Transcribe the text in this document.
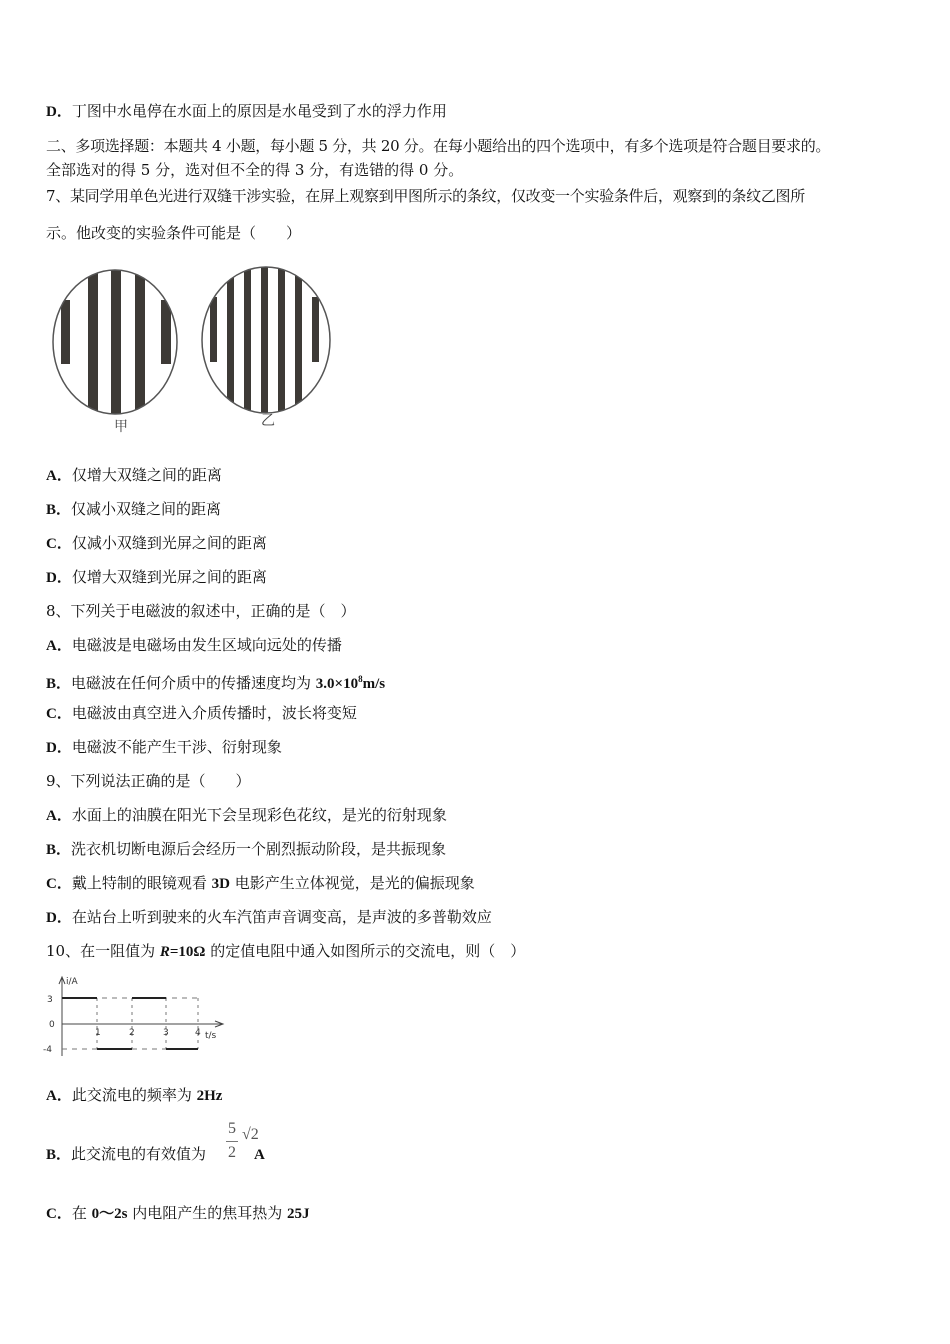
D．丁图中水黾停在水面上的原因是水黾受到了水的浮力作用
二、多项选择题：本题共 4 小题，每小题 5 分，共 20 分。在每小题给出的四个选项中，有多个选项是符合题目要求的。
全部选对的得 5 分，选对但不全的得 3 分，有选错的得 0 分。
7、某同学用单色光进行双缝干涉实验，在屏上观察到甲图所示的条纹，仅改变一个实验条件后，观察到的条纹乙图所
示。他改变的实验条件可能是（　　）
甲	乙
A．仅增大双缝之间的距离
B．仅减小双缝之间的距离
C．仅减小双缝到光屏之间的距离
D．仅增大双缝到光屏之间的距离
8、下列关于电磁波的叙述中，正确的是（　）
A．电磁波是电磁场由发生区域向远处的传播
B．电磁波在任何介质中的传播速度均为 $3.0\times 10^8m/s$
C．电磁波由真空进入介质传播时，波长将变短
D．电磁波不能产生干涉、衍射现象
9、下列说法正确的是（　　）
A．水面上的油膜在阳光下会呈现彩色花纹，是光的衍射现象
B．洗衣机切断电源后会经历一个剧烈振动阶段，是共振现象
C．戴上特制的眼镜观看 3D 电影产生立体视觉，是光的偏振现象
D．在站台上听到驶来的火车汽笛声音调变高，是声波的多普勒效应
10、在一阻值为 R=10Ω 的定值电阻中通入如图所示的交流电，则（　）
i/A
3
0
-4
1	2	3	4 t/s
A．此交流电的频率为 2Hz
B．此交流电的有效值为	A
5
2
√2
C．在 0～2s 内电阻产生的焦耳热为 25J
